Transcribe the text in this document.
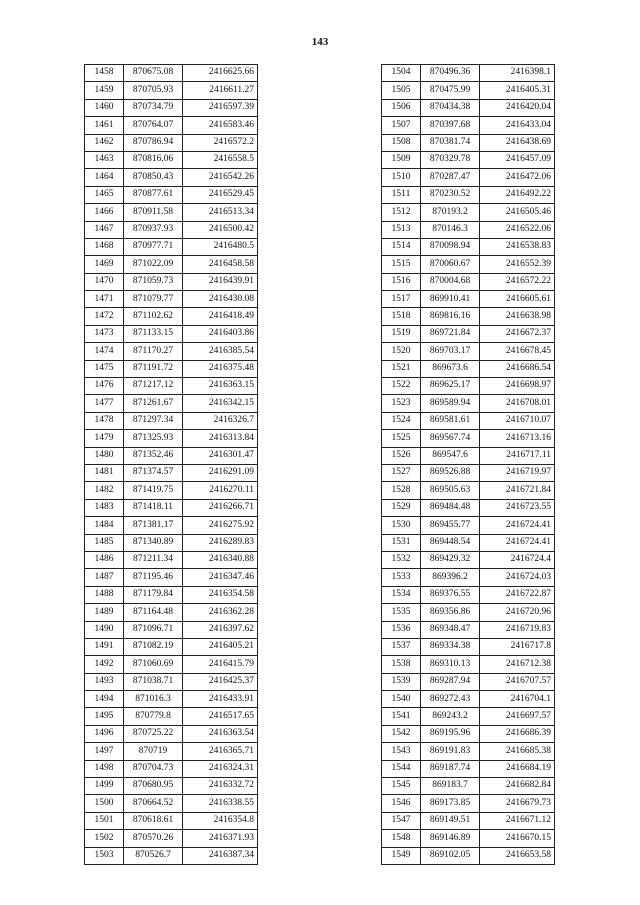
143
1458	870675.08	2416625.66
1459	870705.93	2416611.27
1460	870734.79	2416597.39
1461	870764.07	2416583.46
1462	870786.94	2416572.2
1463	870816.06	2416558.5
1464	870850.43	2416542.26
1465	870877.61	2416529.45
1466	870911.58	2416513.34
1467	870937.93	2416500.42
1468	870977.71	2416480.5
1469	871022.09	2416458.58
1470	871059.73	2416439.91
1471	871079.77	2416430.08
1472	871102.62	2416418.49
1473	871133.15	2416403.86
1474	871170.27	2416385.54
1475	871191.72	2416375.48
1476	871217.12	2416363.15
1477	871261.67	2416342.15
1478	871297.34	2416326.7
1479	871325.93	2416313.84
1480	871352.46	2416301.47
1481	871374.57	2416291.09
1482	871419.75	2416270.11
1483	871418.11	2416266.71
1484	871381.17	2416275.92
1485	871340.89	2416289.83
1486	871211.34	2416340.88
1487	871195.46	2416347.46
1488	871179.84	2416354.58
1489	871164.48	2416362.28
1490	871096.71	2416397.62
1491	871082.19	2416405.21
1492	871060.69	2416415.79
1493	871038.71	2416425.37
1494	871016.3	2416433.91
1495	870779.8	2416517.65
1496	870725.22	2416363.54
1497	870719	2416365.71
1498	870704.73	2416324.31
1499	870680.95	2416332.72
1500	870664.52	2416338.55
1501	870618.61	2416354.8
1502	870570.26	2416371.93
1503	870526.7	2416387.34
1504	870496.36	2416398.1
1505	870475.99	2416405.31
1506	870434.38	2416420.04
1507	870397.68	2416433.04
1508	870381.74	2416438.69
1509	870329.78	2416457.09
1510	870287.47	2416472.06
1511	870230.52	2416492.22
1512	870193.2	2416505.46
1513	870146.3	2416522.06
1514	870098.94	2416538.83
1515	870060.67	2416552.39
1516	870004.68	2416572.22
1517	869910.41	2416605.61
1518	869816.16	2416638.98
1519	869721.84	2416672.37
1520	869703.17	2416678.45
1521	869673.6	2416686.54
1522	869625.17	2416698.97
1523	869589.94	2416708.01
1524	869581.61	2416710.07
1525	869567.74	2416713.16
1526	869547.6	2416717.11
1527	869526.88	2416719.97
1528	869505.63	2416721.84
1529	869484.48	2416723.55
1530	869455.77	2416724.41
1531	869448.54	2416724.41
1532	869429.32	2416724.4
1533	869396.2	2416724.03
1534	869376.55	2416722.87
1535	869356.86	2416720.96
1536	869348.47	2416719.83
1537	869334.38	2416717.8
1538	869310.13	2416712.38
1539	869287.94	2416707.57
1540	869272.43	2416704.1
1541	869243.2	2416697.57
1542	869195.96	2416686.39
1543	869191.83	2416685.38
1544	869187.74	2416684.19
1545	869183.7	2416682.84
1546	869173.85	2416679.73
1547	869149.51	2416671.12
1548	869146.89	2416670.15
1549	869102.05	2416653.58
